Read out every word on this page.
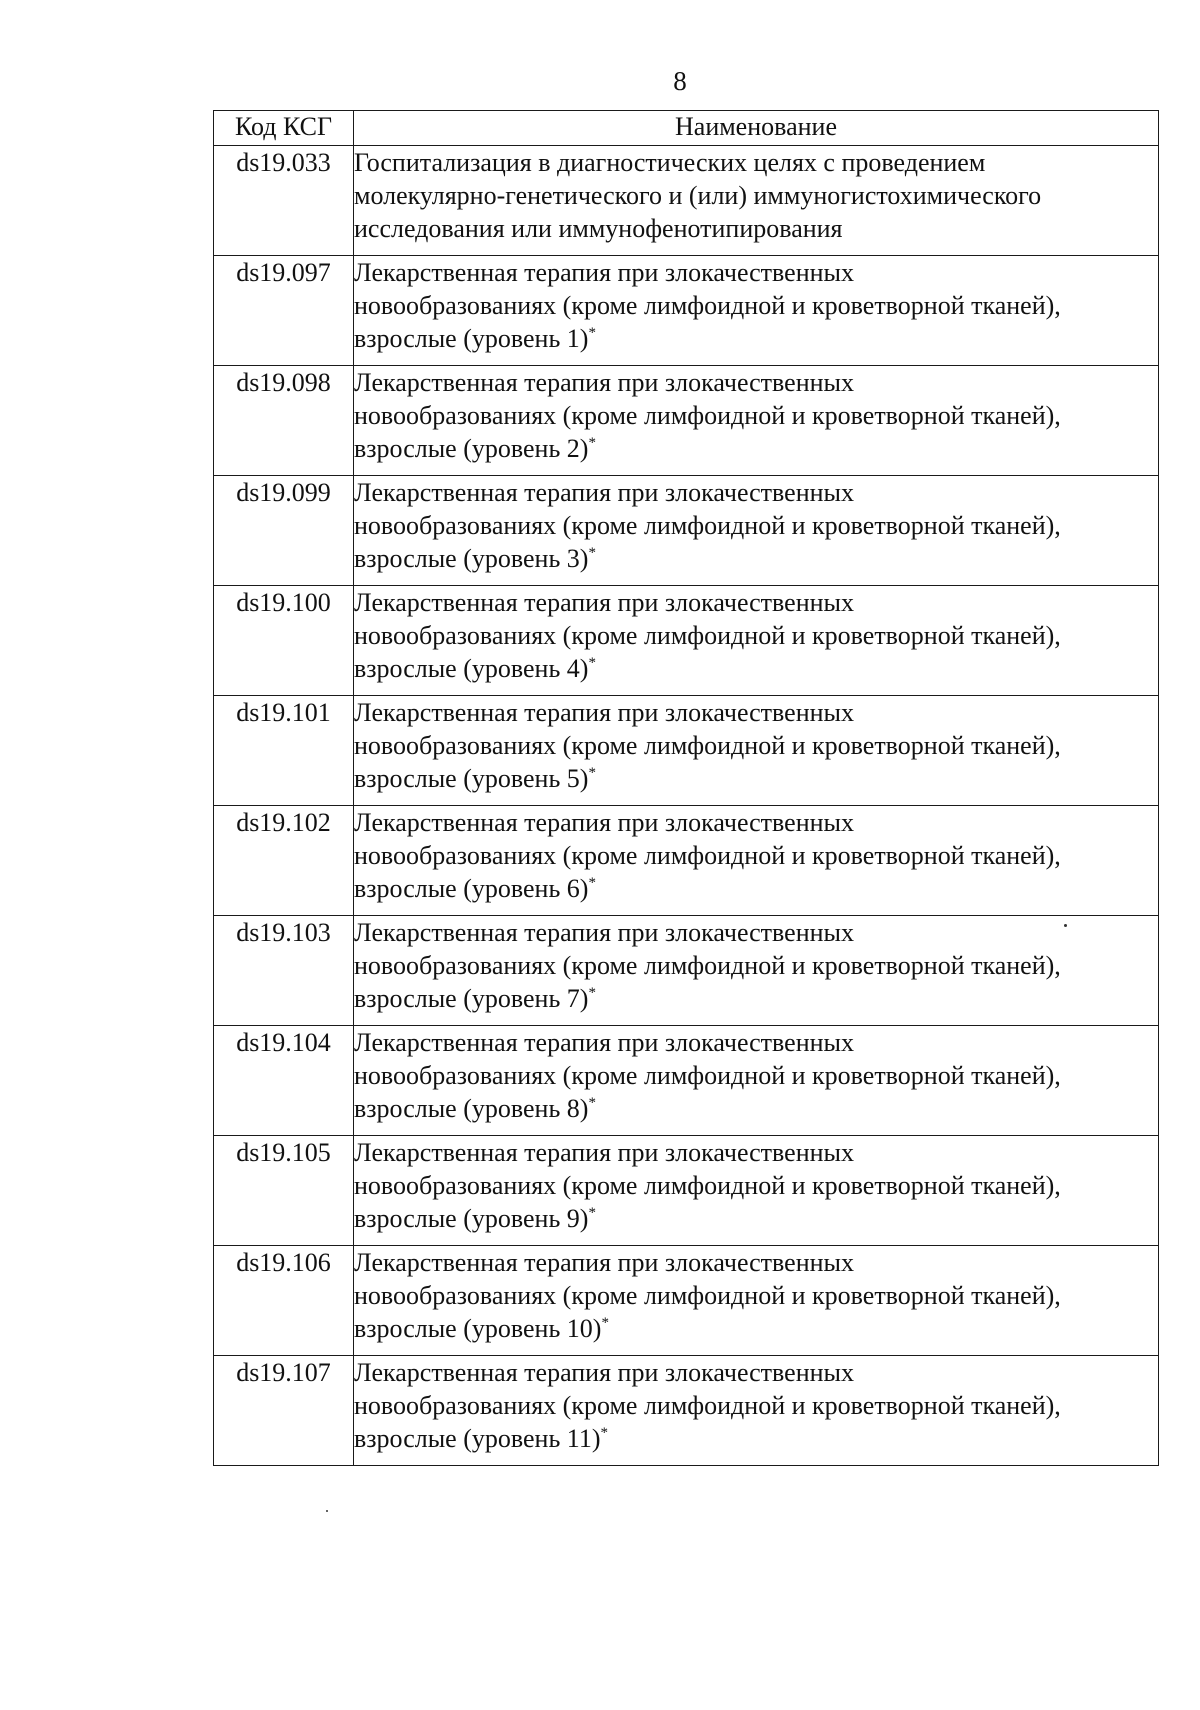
8
Код КСГ	Наименование
ds19.033	Госпитализация в диагностических целях с проведением
молекулярно-генетического и (или) иммуногистохимического
исследования или иммунофенотипирования

ds19.097	Лекарственная терапия при злокачественных
новообразованиях (кроме лимфоидной и кроветворной тканей),
взрослые (уровень 1)*

ds19.098	Лекарственная терапия при злокачественных
новообразованиях (кроме лимфоидной и кроветворной тканей),
взрослые (уровень 2)*

ds19.099	Лекарственная терапия при злокачественных
новообразованиях (кроме лимфоидной и кроветворной тканей),
взрослые (уровень 3)*

ds19.100	Лекарственная терапия при злокачественных
новообразованиях (кроме лимфоидной и кроветворной тканей),
взрослые (уровень 4)*

ds19.101	Лекарственная терапия при злокачественных
новообразованиях (кроме лимфоидной и кроветворной тканей),
взрослые (уровень 5)*

ds19.102	Лекарственная терапия при злокачественных
новообразованиях (кроме лимфоидной и кроветворной тканей),
взрослые (уровень 6)*

ds19.103	Лекарственная терапия при злокачественных
новообразованиях (кроме лимфоидной и кроветворной тканей),
взрослые (уровень 7)*

ds19.104	Лекарственная терапия при злокачественных
новообразованиях (кроме лимфоидной и кроветворной тканей),
взрослые (уровень 8)*

ds19.105	Лекарственная терапия при злокачественных
новообразованиях (кроме лимфоидной и кроветворной тканей),
взрослые (уровень 9)*

ds19.106	Лекарственная терапия при злокачественных
новообразованиях (кроме лимфоидной и кроветворной тканей),
взрослые (уровень 10)*

ds19.107	Лекарственная терапия при злокачественных
новообразованиях (кроме лимфоидной и кроветворной тканей),
взрослые (уровень 11)*
